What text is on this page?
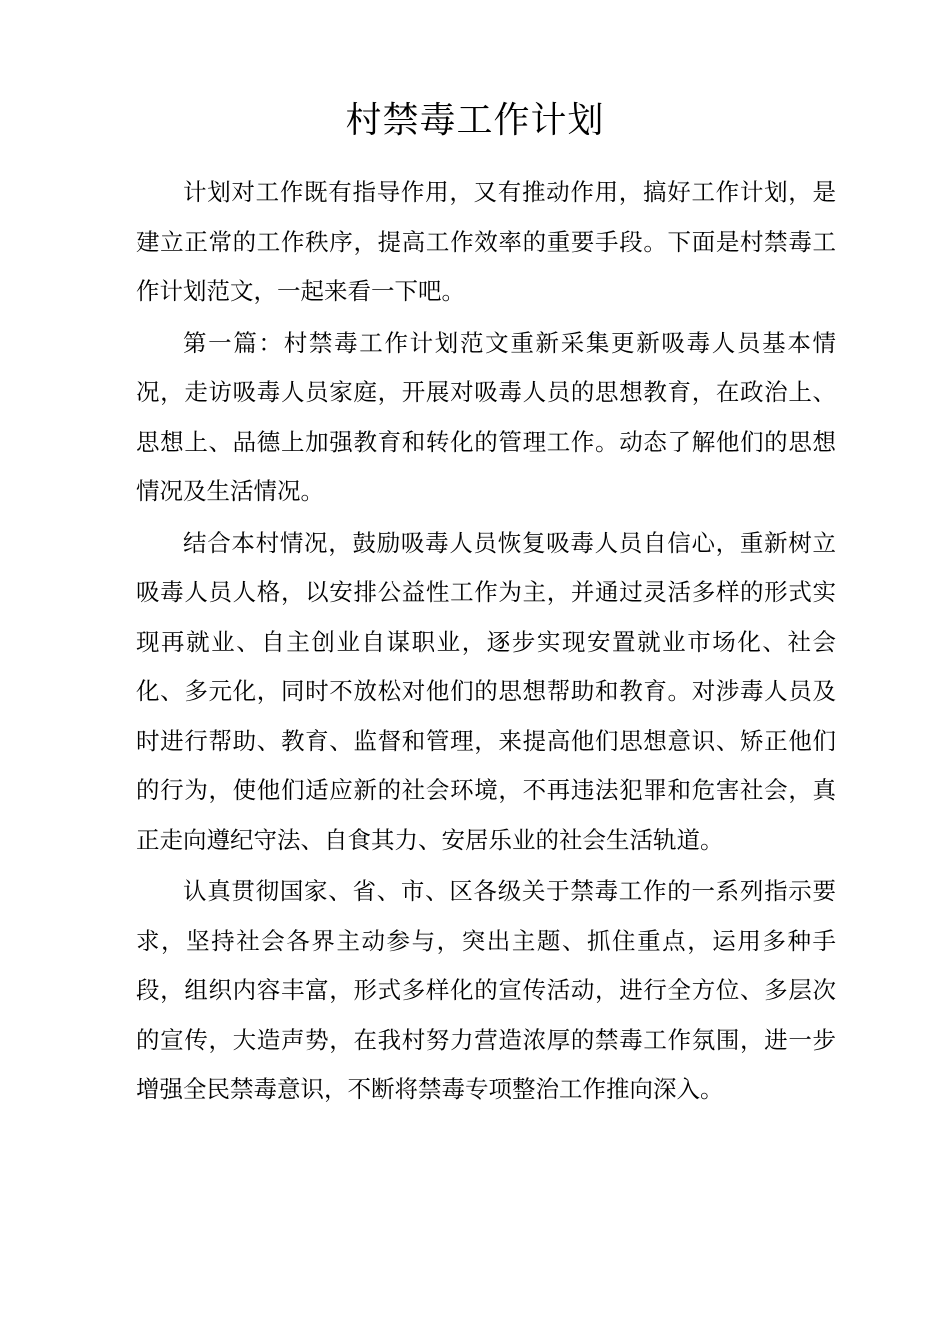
村禁毒工作计划

计划对工作既有指导作用，又有推动作用，搞好工作计划，是建立正常的工作秩序，提高工作效率的重要手段。下面是村禁毒工作计划范文，一起来看一下吧。

第一篇：村禁毒工作计划范文重新采集更新吸毒人员基本情况，走访吸毒人员家庭，开展对吸毒人员的思想教育，在政治上、思想上、品德上加强教育和转化的管理工作。动态了解他们的思想情况及生活情况。

结合本村情况，鼓励吸毒人员恢复吸毒人员自信心，重新树立吸毒人员人格，以安排公益性工作为主，并通过灵活多样的形式实现再就业、自主创业自谋职业，逐步实现安置就业市场化、社会化、多元化，同时不放松对他们的思想帮助和教育。对涉毒人员及时进行帮助、教育、监督和管理，来提高他们思想意识、矫正他们的行为，使他们适应新的社会环境，不再违法犯罪和危害社会，真正走向遵纪守法、自食其力、安居乐业的社会生活轨道。

认真贯彻国家、省、市、区各级关于禁毒工作的一系列指示要求，坚持社会各界主动参与，突出主题、抓住重点，运用多种手段，组织内容丰富，形式多样化的宣传活动，进行全方位、多层次的宣传，大造声势，在我村努力营造浓厚的禁毒工作氛围，进一步增强全民禁毒意识，不断将禁毒专项整治工作推向深入。
